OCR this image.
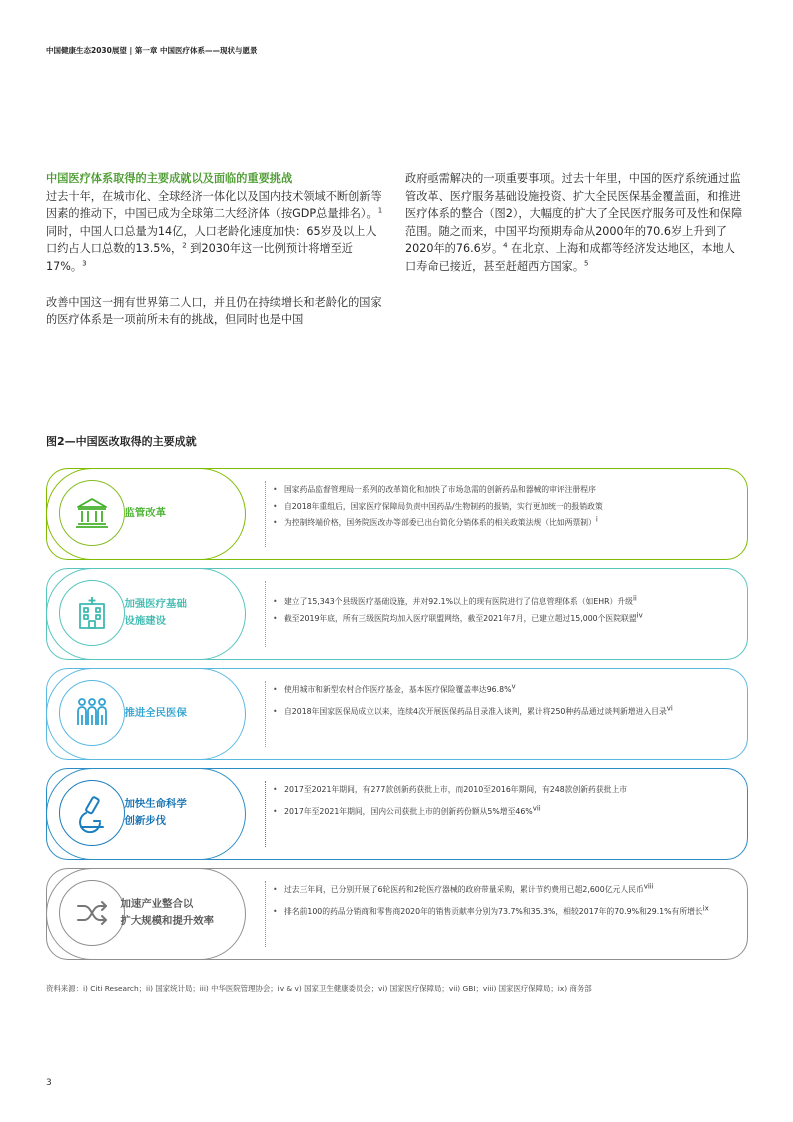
中国健康生态2030展望 | 第一章 中国医疗体系——现状与愿景

中国医疗体系取得的主要成就以及面临的重要挑战
过去十年，在城市化、全球经济一体化以及国内技术领域不断创新等因素的推动下，中国已成为全球第二大经济体（按GDP总量排名）。$^1$ 同时，中国人口总量为14亿，人口老龄化速度加快：65岁及以上人口约占人口总数的13.5%，$^2$ 到2030年这一比例预计将增至近17%。$^3$

改善中国这一拥有世界第二人口，并且仍在持续增长和老龄化的国家的医疗体系是一项前所未有的挑战，但同时也是中国

政府亟需解决的一项重要事项。过去十年里，中国的医疗系统通过监管改革、医疗服务基础设施投资、扩大全民医保基金覆盖面，和推进医疗体系的整合（图2），大幅度的扩大了全民医疗服务可及性和保障范围。随之而来，中国平均预期寿命从2000年的70.6岁上升到了2020年的76.6岁。$^4$ 在北京、上海和成都等经济发达地区，本地人口寿命已接近，甚至赶超西方国家。$^5$

图2—中国医改取得的主要成就
监管改革
• 国家药品监督管理局一系列的改革简化和加快了市场急需的创新药品和器械的审评注册程序
• 自2018年重组后，国家医疗保障局负责中国药品/生物制药的报销，实行更加统一的报销政策
• 为控制终端价格，国务院医改办等部委已出台简化分销体系的相关政策法规（比如两票制）$^i$
加强医疗基础
设施建设
• 建立了15,343个县级医疗基础设施，并对92.1%以上的现有医院进行了信息管理体系（如EHR）升级$^{ii}$
• 截至2019年底，所有三级医院均加入医疗联盟网络，截至2021年7月，已建立超过15,000个医院联盟$^{iv}$
推进全民医保
• 使用城市和新型农村合作医疗基金，基本医疗保险覆盖率达96.8%$^v$
• 自2018年国家医保局成立以来，连续4次开展医保药品目录准入谈判，累计将250种药品通过谈判新增进入目录$^{vi}$
加快生命科学
创新步伐
• 2017至2021年期间，有277款创新药获批上市，而2010至2016年期间，有248款创新药获批上市
• 2017年至2021年期间，国内公司获批上市的创新药份额从5%增至46%$^{vii}$
加速产业整合以
扩大规模和提升效率
• 过去三年间，已分别开展了6轮医药和2轮医疗器械的政府带量采购，累计节约费用已超2,600亿元人民币$^{viii}$
• 排名前100的药品分销商和零售商2020年的销售贡献率分别为73.7%和35.3%，相较2017年的70.9%和29.1%有所增长$^{ix}$
资料来源：i) Citi Research；ii) 国家统计局；iii) 中华医院管理协会；iv & v) 国家卫生健康委员会；vi) 国家医疗保障局；vii) GBI；viii) 国家医疗保障局；ix) 商务部
3
